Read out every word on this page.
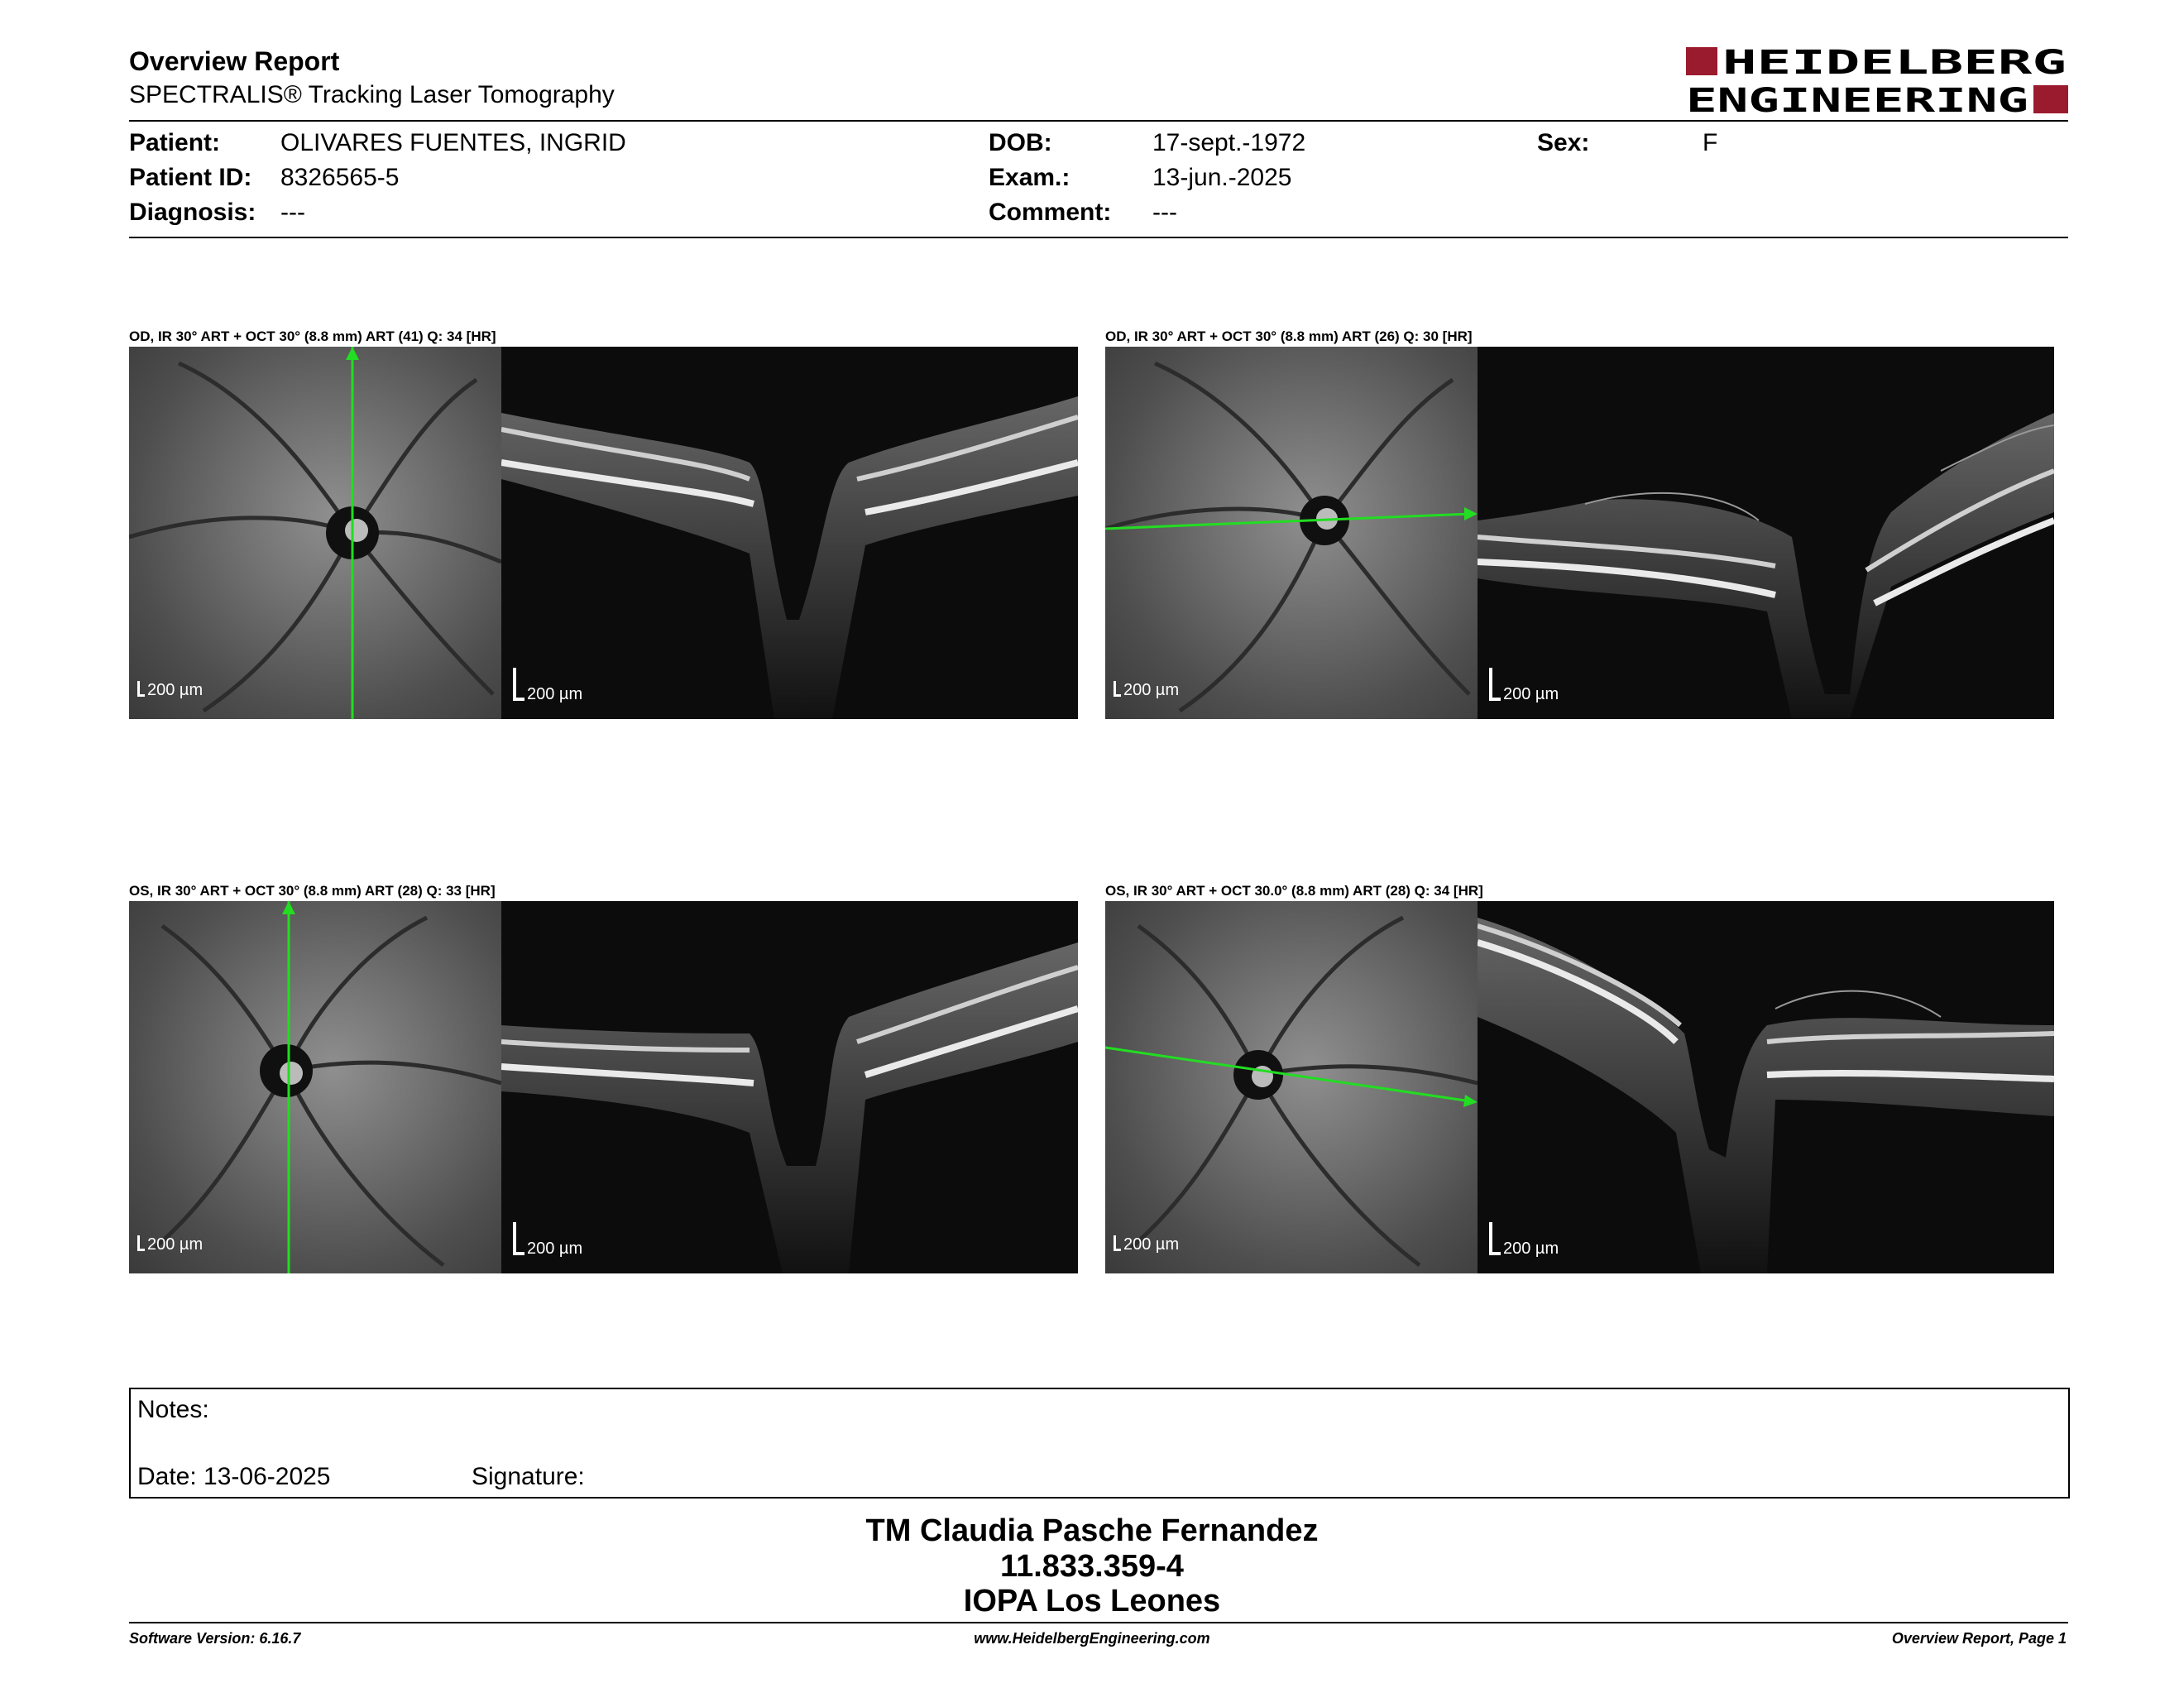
Overview Report
SPECTRALIS® Tracking Laser Tomography
HEIDELBERG
ENGINEERING
Patient: OLIVARES FUENTES, INGRID
Patient ID: 8326565-5
Diagnosis: ---
DOB:	17-sept.-1972
Exam.:	13-jun.-2025
Comment: ---
Sex:	F
OD, IR 30° ART + OCT 30° (8.8 mm) ART (41) Q: 34 [HR]
200 µm	200 µm
OD, IR 30° ART + OCT 30° (8.8 mm) ART (26) Q: 30 [HR]
200 µm	200 µm
OS, IR 30° ART + OCT 30° (8.8 mm) ART (28) Q: 33 [HR]
200 µm	200 µm
OS, IR 30° ART + OCT 30.0° (8.8 mm) ART (28) Q: 34 [HR]
200 µm	200 µm
Notes:
Date: 13-06-2025	Signature:
TM Claudia Pasche Fernandez
11.833.359-4
IOPA Los Leones
Software Version: 6.16.7	www.HeidelbergEngineering.com	Overview Report, Page 1
